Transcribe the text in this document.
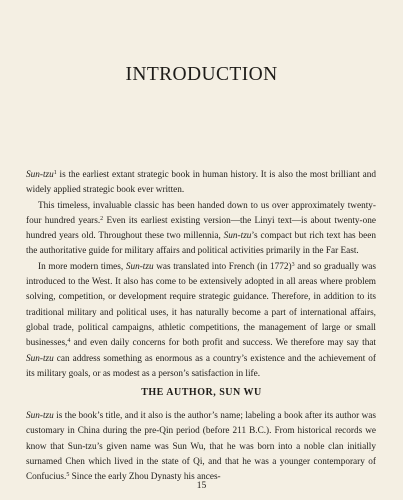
INTRODUCTION

Sun-tzu$^1$ is the earliest extant strategic book in human history. It is also the most brilliant and widely applied strategic book ever written.

This timeless, invaluable classic has been handed down to us over approximately twenty-four hundred years.$^2$ Even its earliest existing version—the Linyi text—is about twenty-one hundred years old. Throughout these two millennia, Sun-tzu’s compact but rich text has been the authoritative guide for military affairs and political activities primarily in the Far East.

In more modern times, Sun-tzu was translated into French (in 1772)$^3$ and so gradually was introduced to the West. It also has come to be extensively adopted in all areas where problem solving, competition, or development require strategic guidance. Therefore, in addition to its traditional military and political uses, it has naturally become a part of international affairs, global trade, political campaigns, athletic competitions, the management of large or small businesses,$^4$ and even daily concerns for both profit and success. We therefore may say that Sun-tzu can address something as enormous as a country’s existence and the achievement of its military goals, or as modest as a person’s satisfaction in life.

THE AUTHOR, SUN WU

Sun-tzu is the book’s title, and it also is the author’s name; labeling a book after its author was customary in China during the pre-Qin period (before 211 B.C.). From historical records we know that Sun-tzu’s given name was Sun Wu, that he was born into a noble clan initially surnamed Chen which lived in the state of Qi, and that he was a younger contemporary of Confucius.$^5$ Since the early Zhou Dynasty his ances-

15
